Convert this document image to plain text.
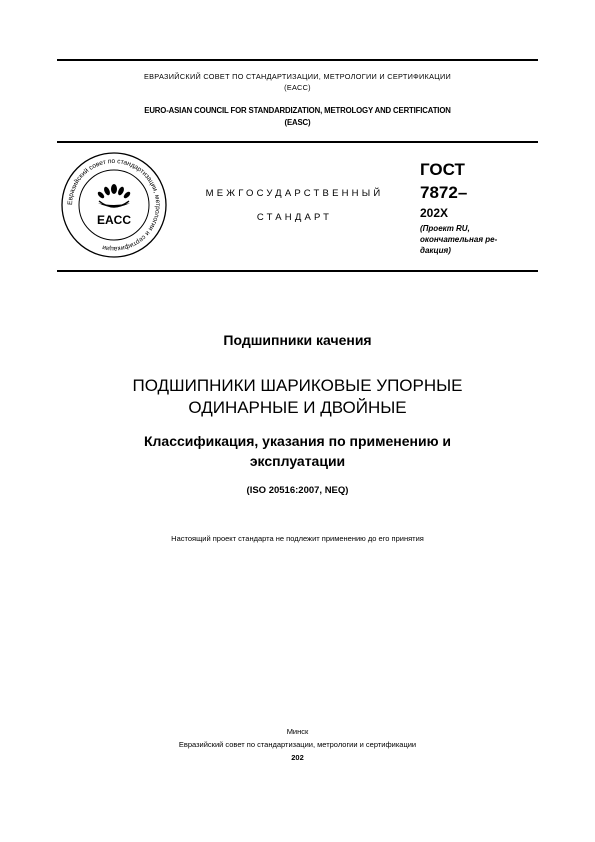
ЕВРАЗИЙСКИЙ СОВЕТ ПО СТАНДАРТИЗАЦИИ, МЕТРОЛОГИИ И СЕРТИФИКАЦИИ
(ЕАСС)
EURO-ASIAN COUNCIL FOR STANDARDIZATION, METROLOGY AND CERTIFICATION
(EASC)
Евразийский совет по стандартизации, метрологии и сертификации
EACC
МЕЖГОСУДАРСТВЕННЫЙ
СТАНДАРТ
ГОСТ
7872–
202X
(Проект RU,
окончательная ре-
дакция)
Подшипники качения
ПОДШИПНИКИ ШАРИКОВЫЕ УПОРНЫЕ
ОДИНАРНЫЕ И ДВОЙНЫЕ
Классификация, указания по применению и
эксплуатации
(ISO 20516:2007, NEQ)
Настоящий проект стандарта не подлежит применению до его принятия
Минск
Евразийский совет по стандартизации, метрологии и сертификации
202
